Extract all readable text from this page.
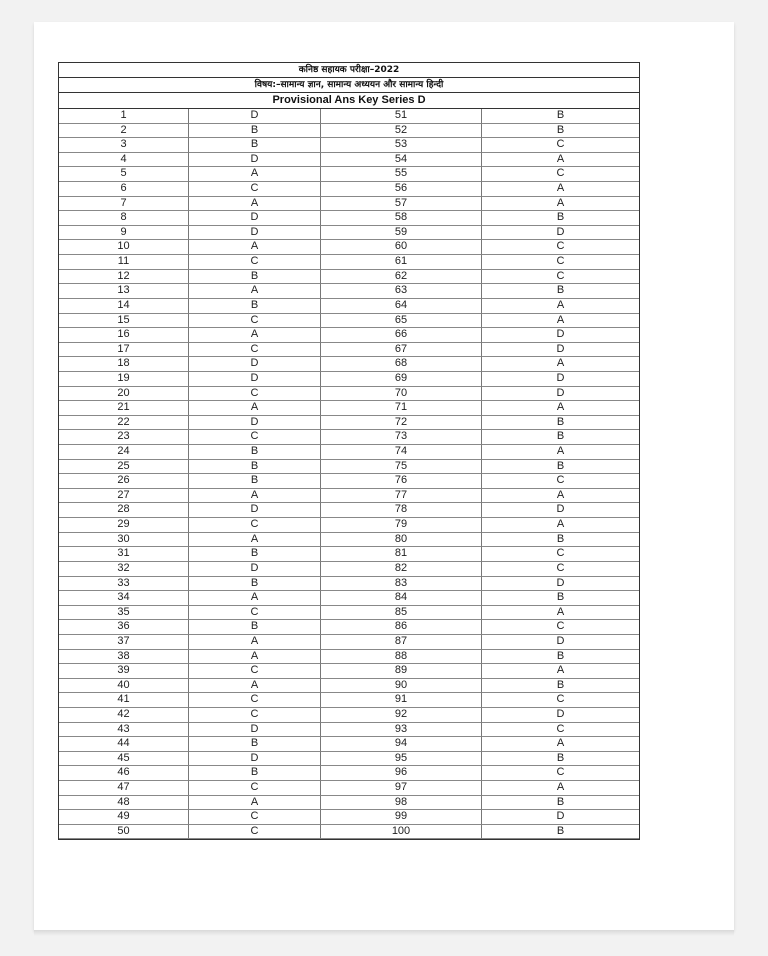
कनिष्ठ सहायक परीक्षा–2022
विषय:–सामान्य ज्ञान, सामान्य अध्ययन और सामान्य हिन्दी
Provisional Ans Key Series D
1	D	51	B
2	B	52	B
3	B	53	C
4	D	54	A
5	A	55	C
6	C	56	A
7	A	57	A
8	D	58	B
9	D	59	D
10	A	60	C
11	C	61	C
12	B	62	C
13	A	63	B
14	B	64	A
15	C	65	A
16	A	66	D
17	C	67	D
18	D	68	A
19	D	69	D
20	C	70	D
21	A	71	A
22	D	72	B
23	C	73	B
24	B	74	A
25	B	75	B
26	B	76	C
27	A	77	A
28	D	78	D
29	C	79	A
30	A	80	B
31	B	81	C
32	D	82	C
33	B	83	D
34	A	84	B
35	C	85	A
36	B	86	C
37	A	87	D
38	A	88	B
39	C	89	A
40	A	90	B
41	C	91	C
42	C	92	D
43	D	93	C
44	B	94	A
45	D	95	B
46	B	96	C
47	C	97	A
48	A	98	B
49	C	99	D
50	C	100	B
